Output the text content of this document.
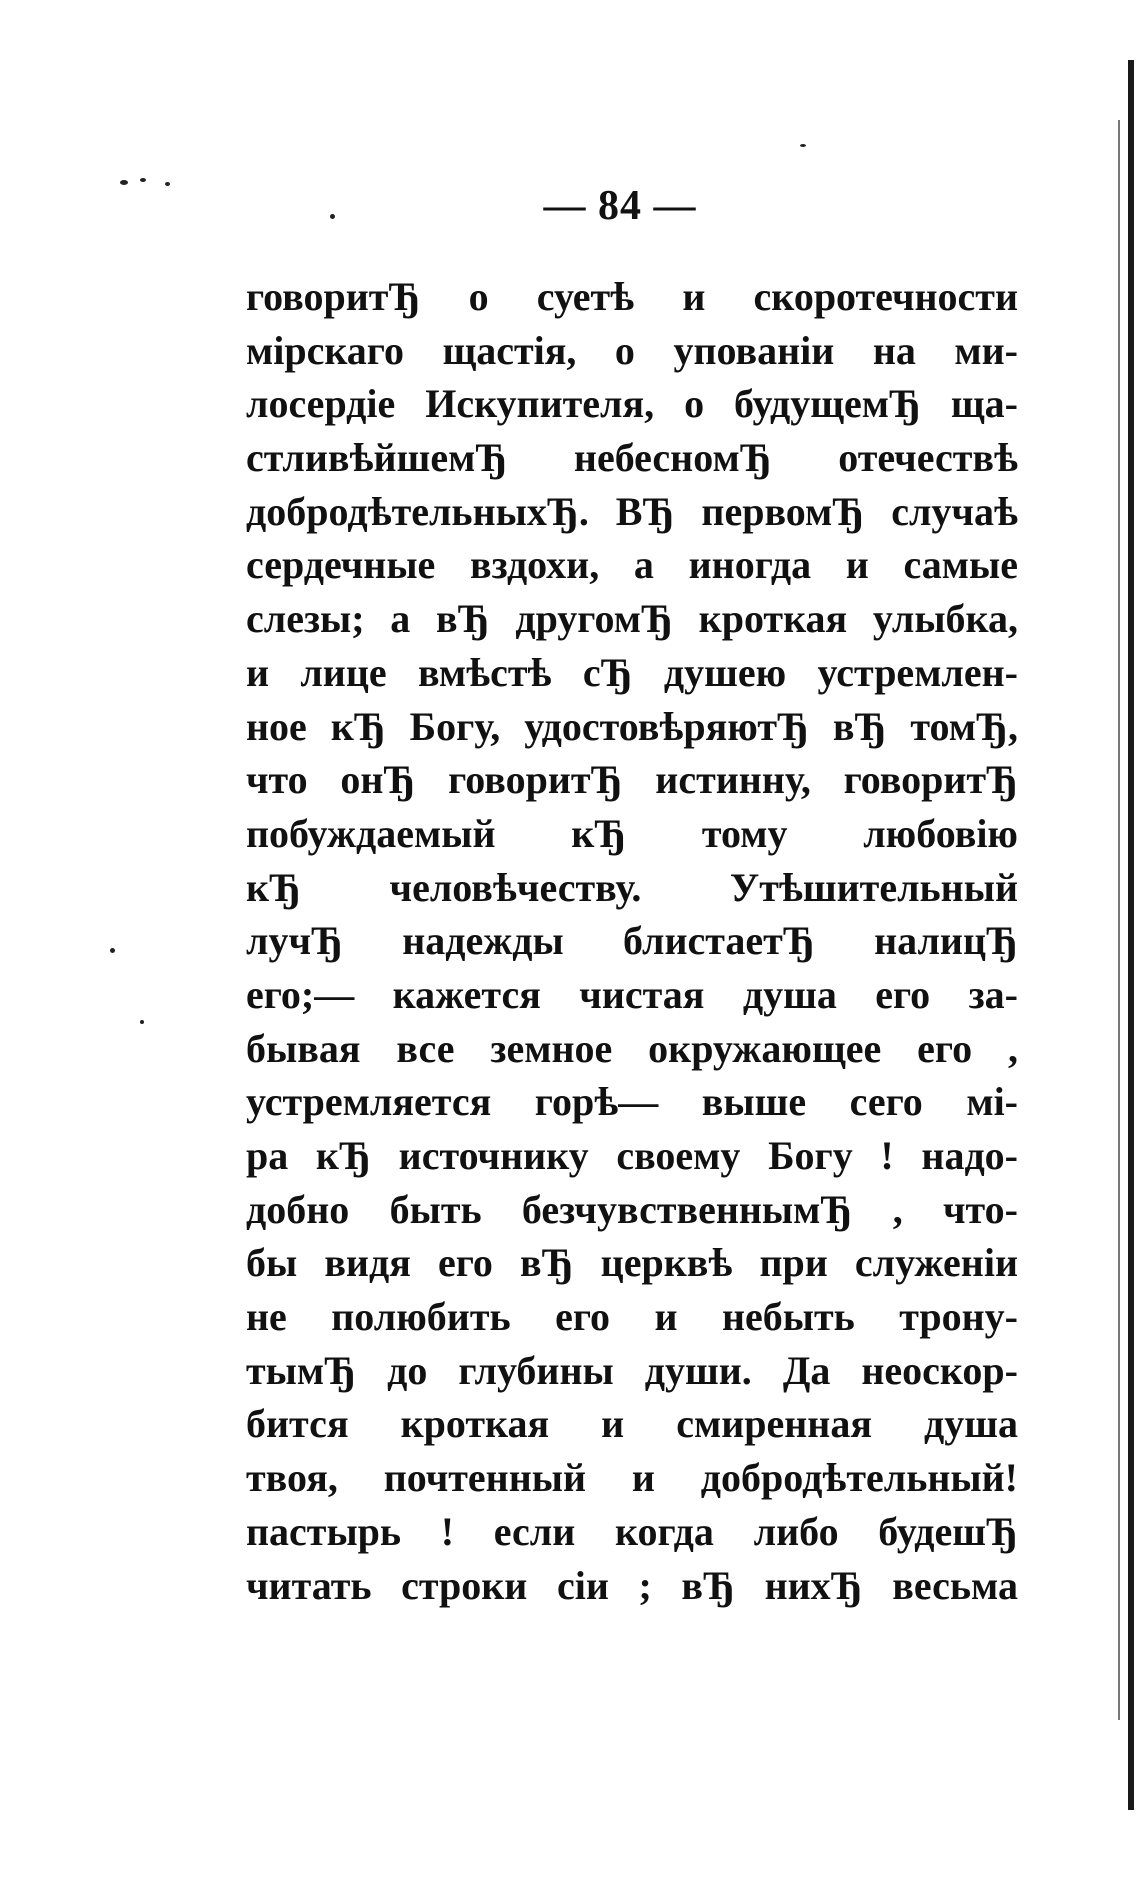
— 84 —
говоритЂ о суетѣ и скоротечности
мірскаго щастія, о упованіи на ми-
лосердіе Искупителя, о будущемЂ ща-
стливѣйшемЂ небесномЂ отечествѣ
добродѣтельныхЂ. ВЂ первомЂ случаѣ
сердечные вздохи, а иногда и самые
слезы; а вЂ другомЂ кроткая улыбка,
и лице вмѣстѣ сЂ душею устремлен-
ное кЂ Богу, удостовѣряютЂ вЂ томЂ,
что онЂ говоритЂ истинну, говоритЂ
побуждаемый кЂ тому любовію
кЂ человѣчеству. Утѣшительный
лучЂ надежды блистаетЂ налицЂ
его;— кажется чистая душа его за-
бывая все земное окружающее его ,
устремляется горѣ— выше сего мі-
ра кЂ источнику своему Богу ! надо-
добно быть безчувственнымЂ , что-
бы видя его вЂ церквѣ при служеніи
не полюбить его и небыть трону-
тымЂ до глубины души. Да неоскор-
бится кроткая и смиренная душа
твоя, почтенный и добродѣтельный!
пастырь ! если когда либо будешЂ
читать строки сіи ; вЂ нихЂ весьма
